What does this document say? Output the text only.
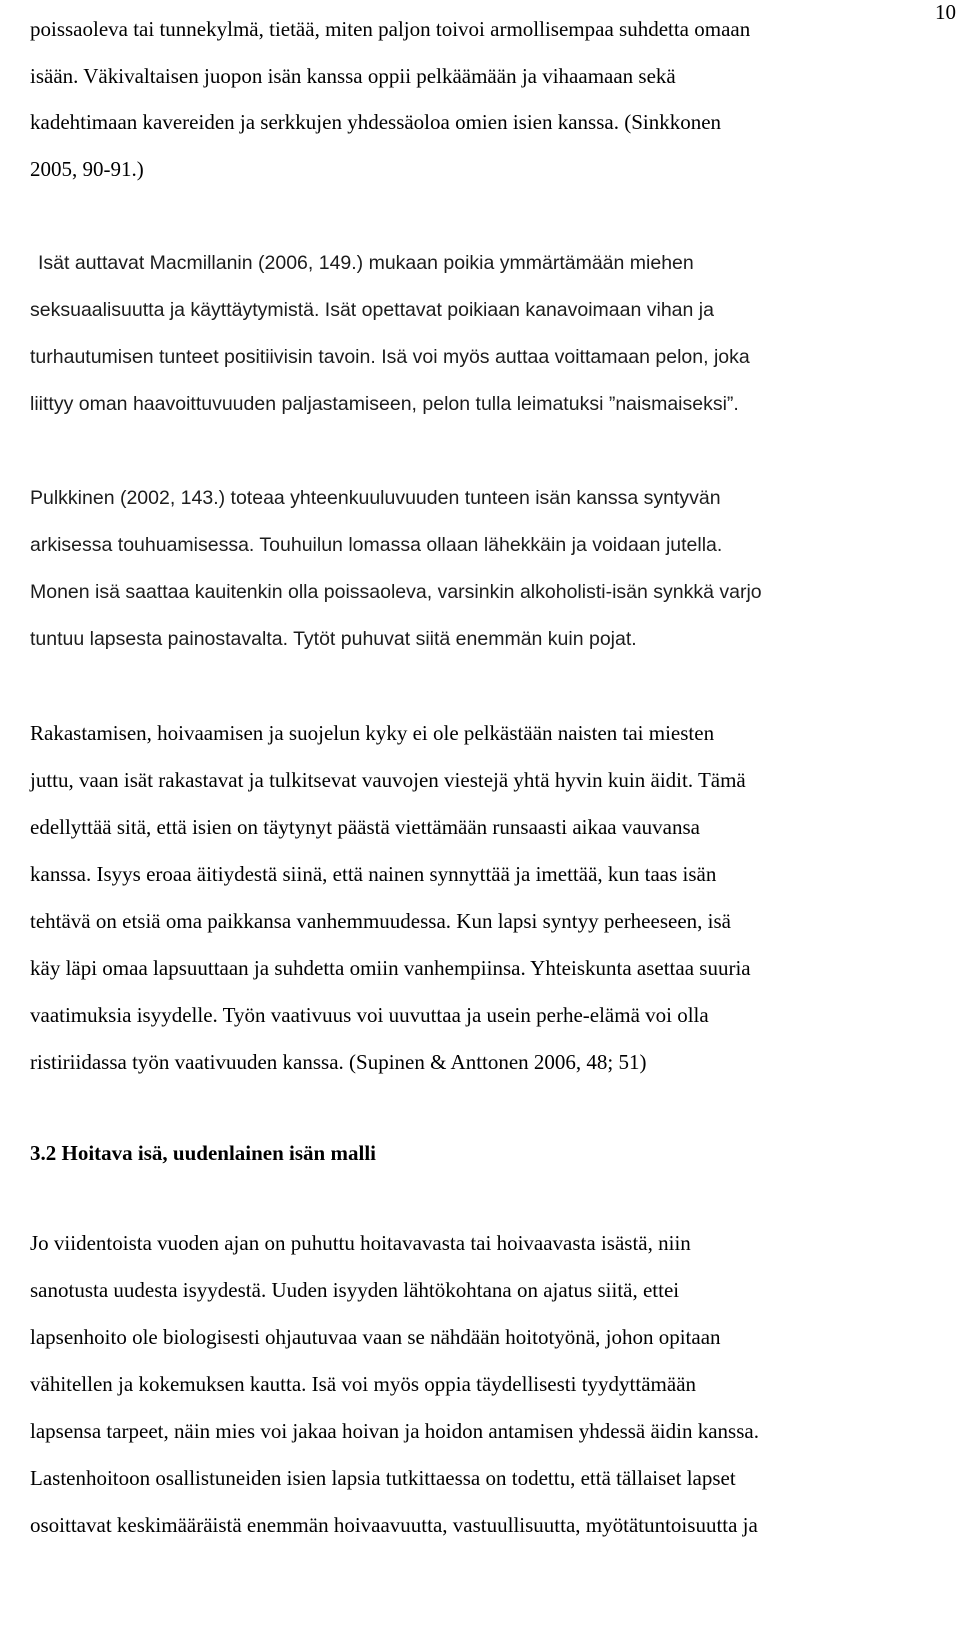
10
poissaoleva tai tunnekylmä, tietää, miten paljon toivoi armollisempaa suhdetta omaan
isään. Väkivaltaisen juopon isän kanssa oppii pelkäämään ja vihaamaan sekä
kadehtimaan kavereiden ja serkkujen yhdessäoloa omien isien kanssa. (Sinkkonen
2005, 90-91.)
Isät auttavat Macmillanin (2006, 149.) mukaan poikia ymmärtämään miehen
seksuaalisuutta ja käyttäytymistä. Isät opettavat poikiaan kanavoimaan vihan ja
turhautumisen tunteet positiivisin tavoin. Isä voi myös auttaa voittamaan pelon, joka
liittyy oman haavoittuvuuden paljastamiseen, pelon tulla leimatuksi ”naismaiseksi”.
Pulkkinen (2002, 143.) toteaa yhteenkuuluvuuden tunteen isän kanssa syntyvän
arkisessa touhuamisessa. Touhuilun lomassa ollaan lähekkäin ja voidaan jutella.
Monen isä saattaa kauitenkin olla poissaoleva, varsinkin alkoholisti-isän synkkä varjo
tuntuu lapsesta painostavalta. Tytöt puhuvat siitä enemmän kuin pojat.
Rakastamisen, hoivaamisen ja suojelun kyky ei ole pelkästään naisten tai miesten
juttu, vaan isät rakastavat ja tulkitsevat vauvojen viestejä yhtä hyvin kuin äidit. Tämä
edellyttää sitä, että isien on täytynyt päästä viettämään runsaasti aikaa vauvansa
kanssa. Isyys eroaa äitiydestä siinä, että nainen synnyttää ja imettää, kun taas isän
tehtävä on etsiä oma paikkansa vanhemmuudessa. Kun lapsi syntyy perheeseen, isä
käy läpi omaa lapsuuttaan ja suhdetta omiin vanhempiinsa. Yhteiskunta asettaa suuria
vaatimuksia isyydelle. Työn vaativuus voi uuvuttaa ja usein perhe-elämä voi olla
ristiriidassa työn vaativuuden kanssa. (Supinen & Anttonen 2006, 48; 51)
3.2 Hoitava isä, uudenlainen isän malli
Jo viidentoista vuoden ajan on puhuttu hoitavavasta tai hoivaavasta isästä, niin
sanotusta uudesta isyydestä. Uuden isyyden lähtökohtana on ajatus siitä, ettei
lapsenhoito ole biologisesti ohjautuvaa vaan se nähdään hoitotyönä, johon opitaan
vähitellen ja kokemuksen kautta. Isä voi myös oppia täydellisesti tyydyttämään
lapsensa tarpeet, näin mies voi jakaa hoivan ja hoidon antamisen yhdessä äidin kanssa.
Lastenhoitoon osallistuneiden isien lapsia tutkittaessa on todettu, että tällaiset lapset
osoittavat keskimääräistä enemmän hoivaavuutta, vastuullisuutta, myötätuntoisuutta ja
